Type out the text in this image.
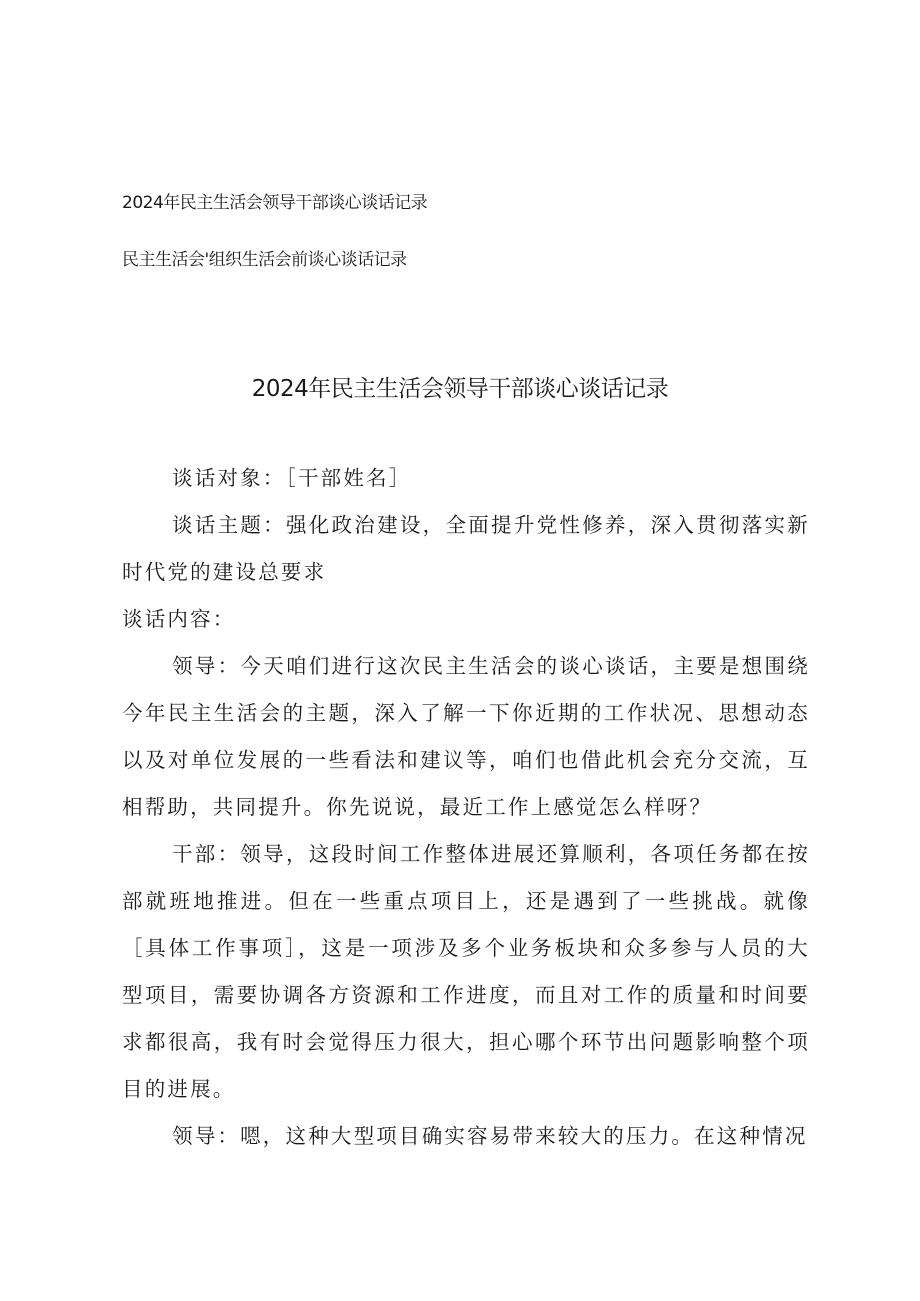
2024年民主生活会领导干部谈心谈话记录
民主生活会'组织生活会前谈心谈话记录
2024年民主生活会领导干部谈心谈话记录

谈话对象：［干部姓名］

谈话主题：强化政治建设，全面提升党性修养，深入贯彻落实新时代党的建设总要求

谈话内容：

领导：今天咱们进行这次民主生活会的谈心谈话，主要是想围绕今年民主生活会的主题，深入了解一下你近期的工作状况、思想动态以及对单位发展的一些看法和建议等，咱们也借此机会充分交流，互相帮助，共同提升。你先说说，最近工作上感觉怎么样呀？

干部：领导，这段时间工作整体进展还算顺利，各项任务都在按部就班地推进。但在一些重点项目上，还是遇到了一些挑战。就像［具体工作事项］，这是一项涉及多个业务板块和众多参与人员的大型项目，需要协调各方资源和工作进度，而且对工作的质量和时间要求都很高，我有时会觉得压力很大，担心哪个环节出问题影响整个项目的进展。

领导：嗯，这种大型项目确实容易带来较大的压力。在这种情况
